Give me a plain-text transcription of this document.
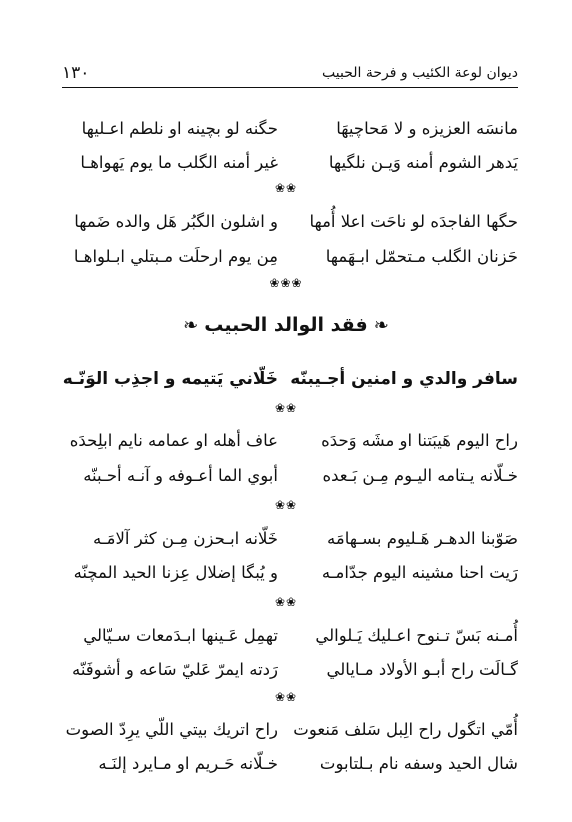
١٣٠	ديوان لوعة الكئيب و فرحة الحبيب
مانسَه العزيزه و لا مَحاچيهَا
حگنه لو بچينه او نلطم اعـليها
يَدهر الشوم أمنه وَيـن نلگيها
غير أمنه الگلب ما يوم يَهواهـا
❀❀
حگها الفاجدَه لو ناحَت اعلا أُمها
و اشلون الگبُر هَل والده ضَمها
حَزنان الگلب مـتحمّل ابـهَمها
مِن يوم ارحلَت مـبتلي ابـلواهـا
❀❀❀
❧فقد الوالد الحبيب❧
سافر والدي و امنين أجـيبنّه
خَلّاني يَتيمه و اجذِب الوَنّـه
❀❀
راح اليوم هَيبَتنا او مشَه وَحدَه
عاف أهله او عمامه نايم ابلِحدَه
خـلّانه يـتامه اليـوم مِـن بَـعده
أبوي الما أعـوفه و آنـه أحـبنّه
❀❀
صَوّبنا الدهـر هَـليوم بسـهامَه
خَلّانه ابـحزن مِـن كثر آلامَـه
رَيت احنا مشينه اليوم جدّامـه
و يُبگا إضلال عِزنا الحيد المچنّه
❀❀
أُمـنه بَسّ تـنوح اعـليك يَـلوالي
تهمِل عَـينها ابـدَمعات سـيّالي
گـالَت راح أبـو الأولاد مـايالي
رَدته ايمرّ عَليّ سَاعه و أشوفَنّه
❀❀
أُمّي اتگول راح الِبل سَلف مَنعوت
راح اتريك بيتي اللّي يرِدّ الصوت
شال الحيد وسفه نام بـلتابوت
خـلّانه حَـريم او مـايرد إلنَـه
